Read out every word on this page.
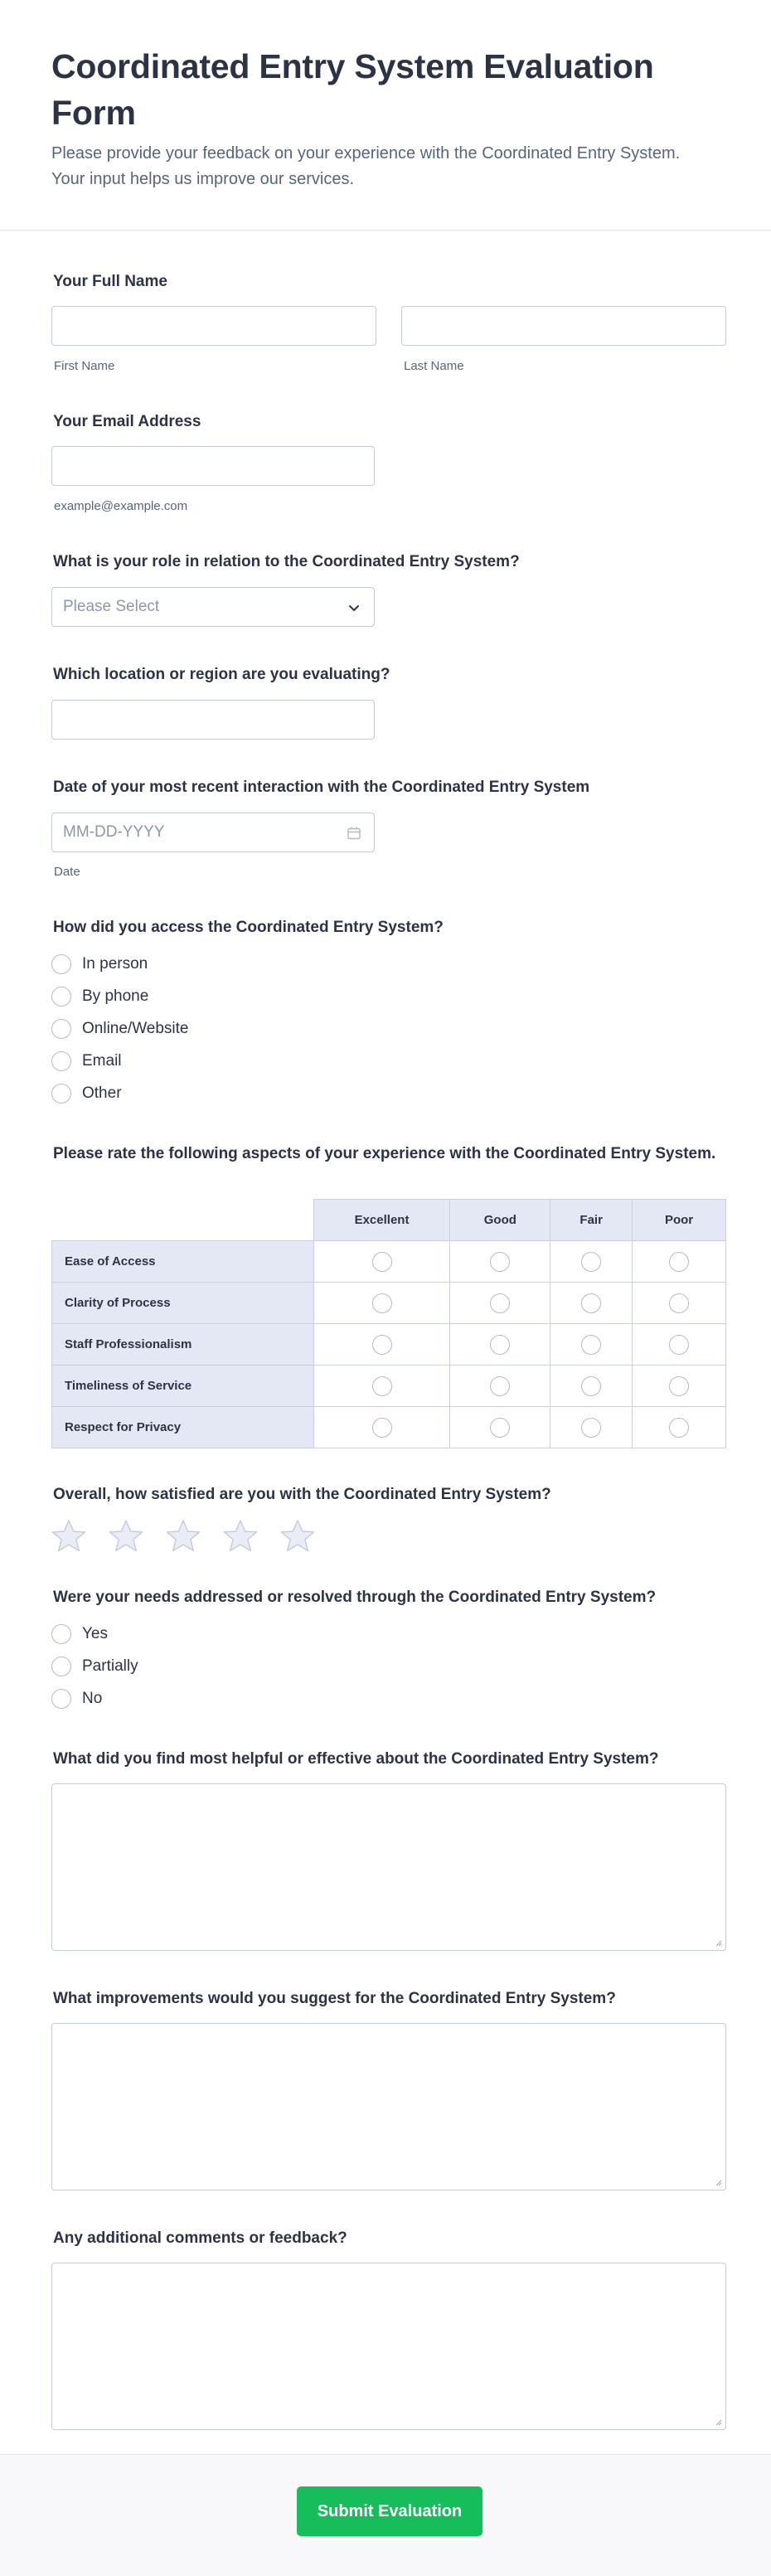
Coordinated Entry System Evaluation Form

Please provide your feedback on your experience with the Coordinated Entry System. Your input helps us improve our services.

Your Full Name
First Name	Last Name
Your Email Address
example@example.com
What is your role in relation to the Coordinated Entry System?
Please Select
Which location or region are you evaluating?
Date of your most recent interaction with the Coordinated Entry System
MM-DD-YYYY
Date
How did you access the Coordinated Entry System?
In person
By phone
Online/Website
Email
Other
Please rate the following aspects of your experience with the Coordinated Entry System.
	Excellent	Good	Fair	Poor
Ease of Access				
Clarity of Process				
Staff Professionalism				
Timeliness of Service				
Respect for Privacy				
Overall, how satisfied are you with the Coordinated Entry System?
Were your needs addressed or resolved through the Coordinated Entry System?
Yes
Partially
No
What did you find most helpful or effective about the Coordinated Entry System?
What improvements would you suggest for the Coordinated Entry System?
Any additional comments or feedback?
Submit Evaluation
